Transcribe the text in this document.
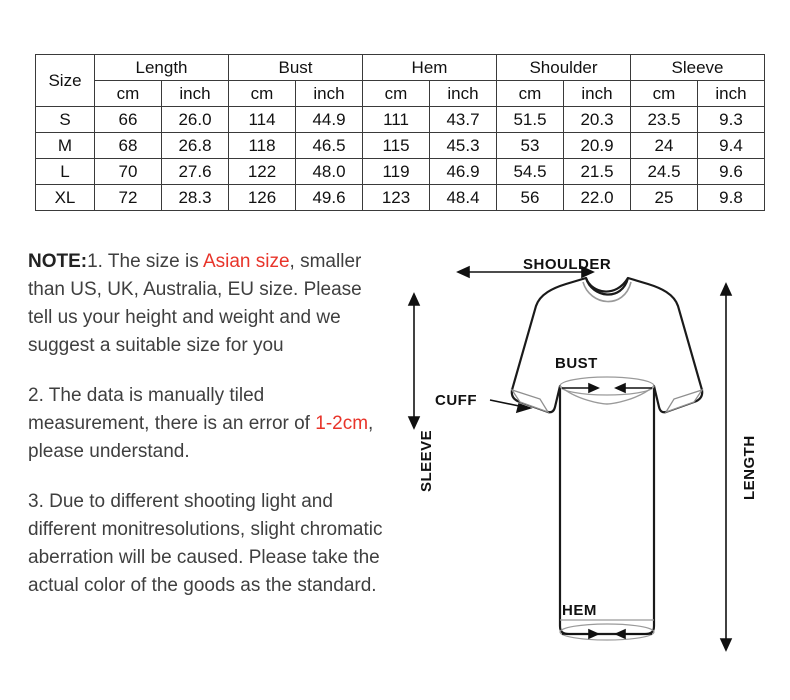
Size	Length		Bust		Hem		Shoulder		Sleeve	
	cm	inch	cm	inch	cm	inch	cm	inch	cm	inch
S	66	26.0	114	44.9	111	43.7	51.5	20.3	23.5	9.3
M	68	26.8	118	46.5	115	45.3	53	20.9	24	9.4
L	70	27.6	122	48.0	119	46.9	54.5	21.5	24.5	9.6
XL	72	28.3	126	49.6	123	48.4	56	22.0	25	9.8
NOTE:1. The size is Asian size, smaller than US, UK, Australia, EU size. Please tell us your height and weight and we suggest a suitable size for you
2. The data is manually tiled measurement, there is an error of 1-2cm, please understand.
3. Due to different shooting light and different monitresolutions, slight chromatic aberration will be caused. Please take the actual color of the goods as the standard.
SHOULDER
BUST
CUFF
SLEEVE	LENGTH
HEM
